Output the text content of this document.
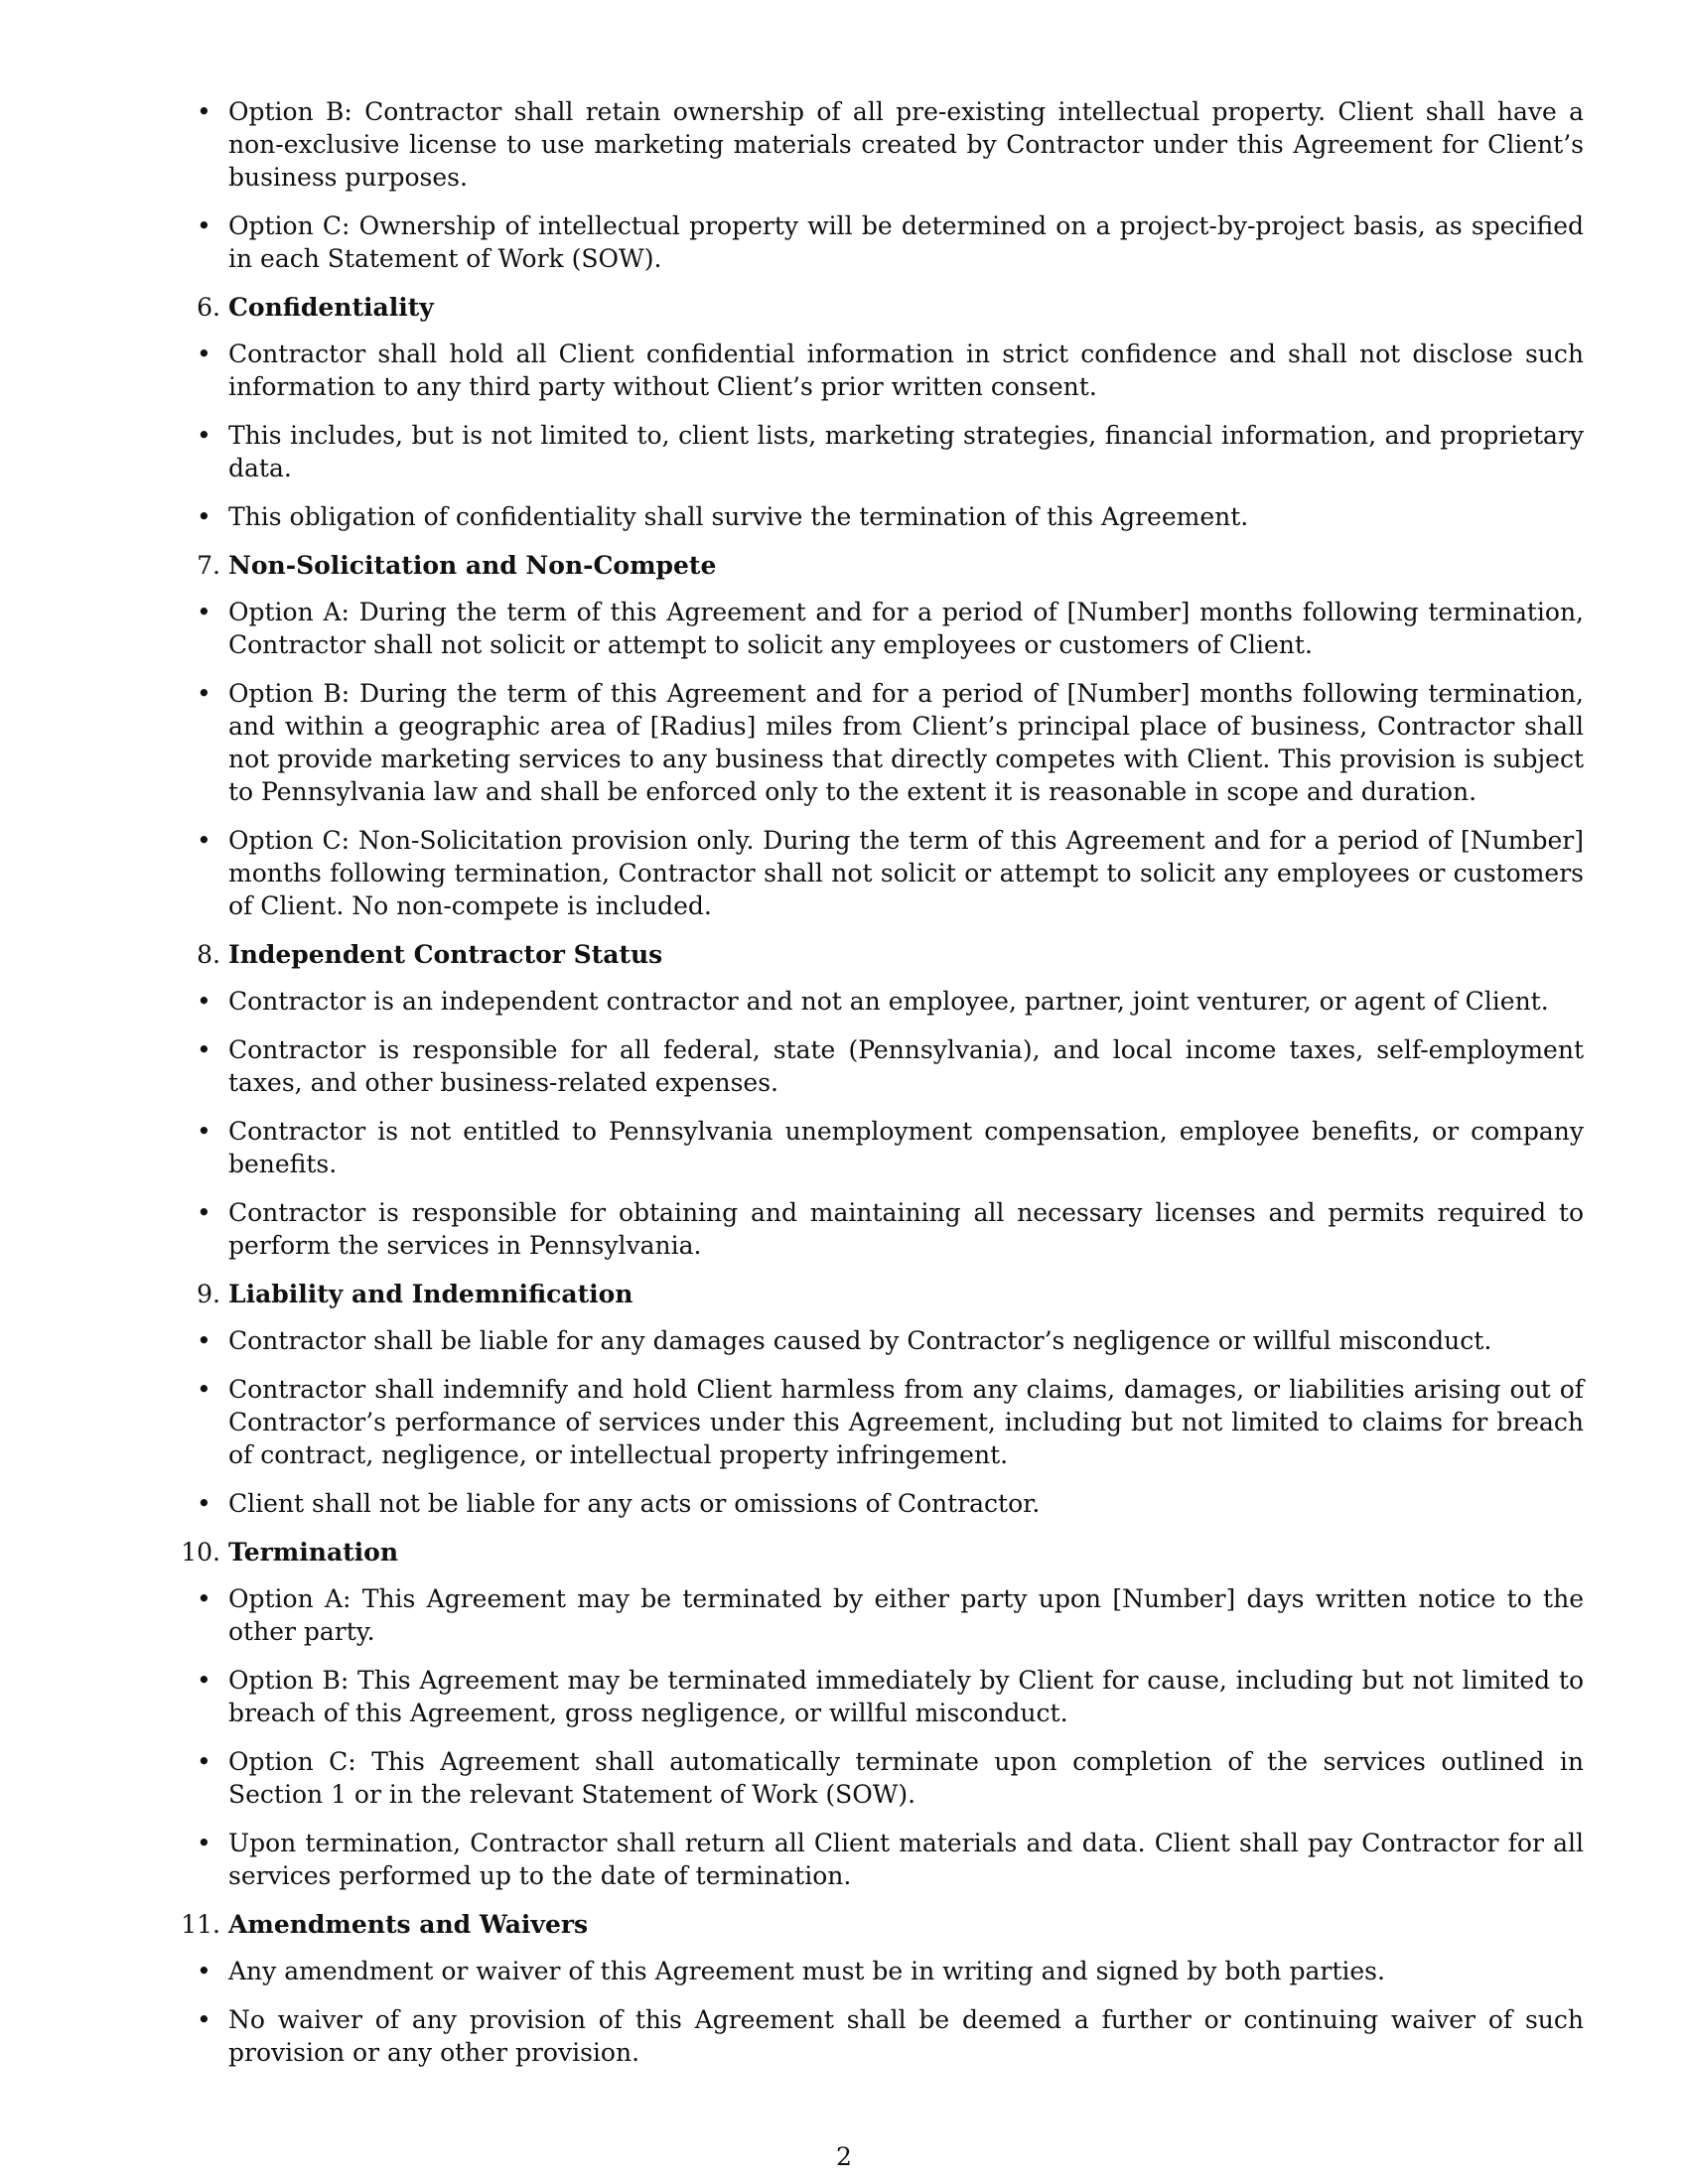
• Option B: Contractor shall retain ownership of all pre-existing intellectual property. Client shall have a non-exclusive license to use marketing materials created by Contractor under this Agreement for Client’s business purposes.
• Option C: Ownership of intellectual property will be determined on a project-by-project basis, as specified in each Statement of Work (SOW).
6. Confidentiality
• Contractor shall hold all Client confidential information in strict confidence and shall not disclose such information to any third party without Client’s prior written consent.
• This includes, but is not limited to, client lists, marketing strategies, financial information, and proprietary data.
• This obligation of confidentiality shall survive the termination of this Agreement.
7. Non-Solicitation and Non-Compete
• Option A: During the term of this Agreement and for a period of [Number] months following termination, Contractor shall not solicit or attempt to solicit any employees or customers of Client.
• Option B: During the term of this Agreement and for a period of [Number] months following termination, and within a geographic area of [Radius] miles from Client’s principal place of business, Contractor shall not provide marketing services to any business that directly competes with Client. This provision is subject to Pennsylvania law and shall be enforced only to the extent it is reasonable in scope and duration.
• Option C: Non-Solicitation provision only. During the term of this Agreement and for a period of [Number] months following termination, Contractor shall not solicit or attempt to solicit any employees or customers of Client. No non-compete is included.
8. Independent Contractor Status
• Contractor is an independent contractor and not an employee, partner, joint venturer, or agent of Client.
• Contractor is responsible for all federal, state (Pennsylvania), and local income taxes, self-employment taxes, and other business-related expenses.
• Contractor is not entitled to Pennsylvania unemployment compensation, employee benefits, or company benefits.
• Contractor is responsible for obtaining and maintaining all necessary licenses and permits required to perform the services in Pennsylvania.
9. Liability and Indemnification
• Contractor shall be liable for any damages caused by Contractor’s negligence or willful misconduct.
• Contractor shall indemnify and hold Client harmless from any claims, damages, or liabilities arising out of Contractor’s performance of services under this Agreement, including but not limited to claims for breach of contract, negligence, or intellectual property infringement.
• Client shall not be liable for any acts or omissions of Contractor.
10. Termination
• Option A: This Agreement may be terminated by either party upon [Number] days written notice to the other party.
• Option B: This Agreement may be terminated immediately by Client for cause, including but not limited to breach of this Agreement, gross negligence, or willful misconduct.
• Option C: This Agreement shall automatically terminate upon completion of the services outlined in Section 1 or in the relevant Statement of Work (SOW).
• Upon termination, Contractor shall return all Client materials and data. Client shall pay Contractor for all services performed up to the date of termination.
11. Amendments and Waivers
• Any amendment or waiver of this Agreement must be in writing and signed by both parties.
• No waiver of any provision of this Agreement shall be deemed a further or continuing waiver of such provision or any other provision.
2
